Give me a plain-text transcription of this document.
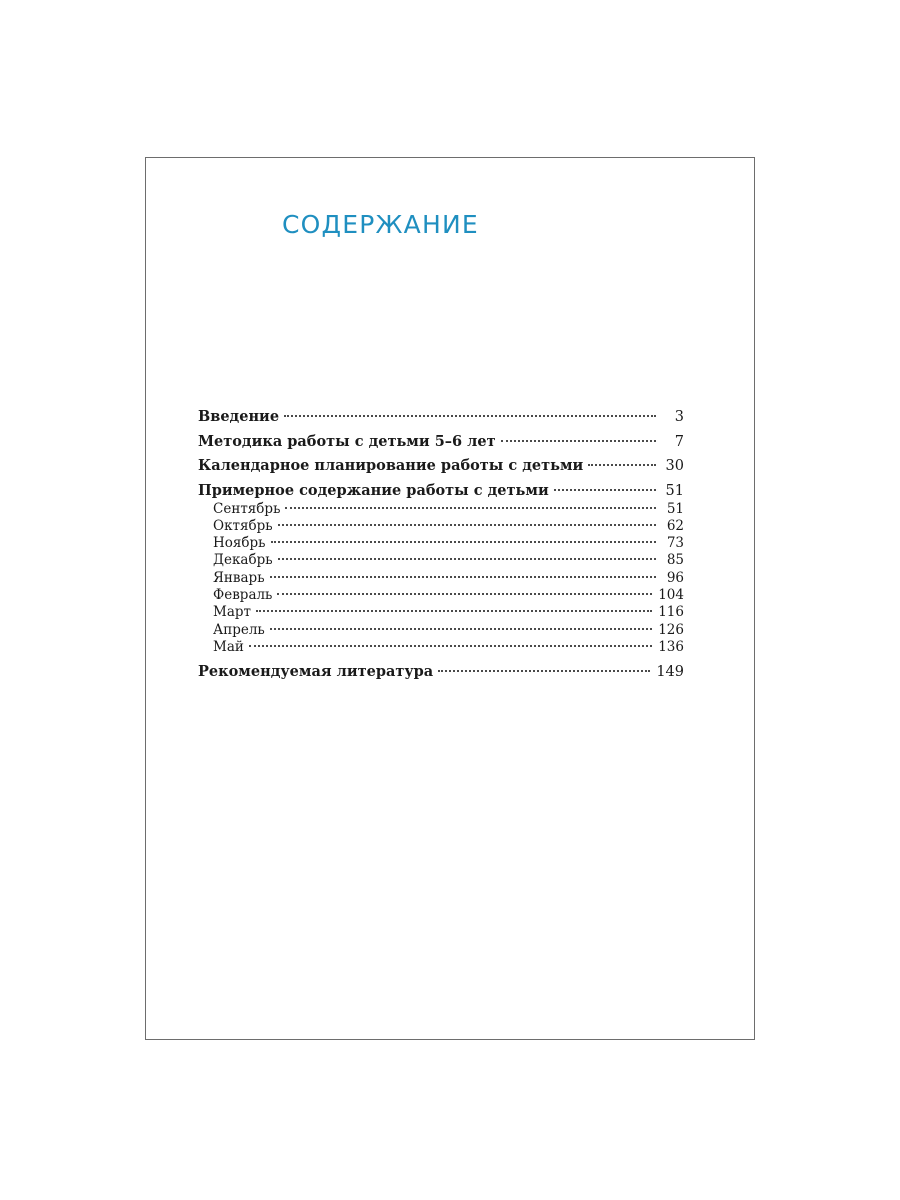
СОДЕРЖАНИЕ
Введение	3
Методика работы с детьми 5–6 лет	7
Календарное планирование работы с детьми	30
Примерное содержание работы с детьми	51
Сентябрь	51
Октябрь	62
Ноябрь	73
Декабрь	85
Январь	96
Февраль	104
Март	116
Апрель	126
Май	136
Рекомендуемая литература	149
